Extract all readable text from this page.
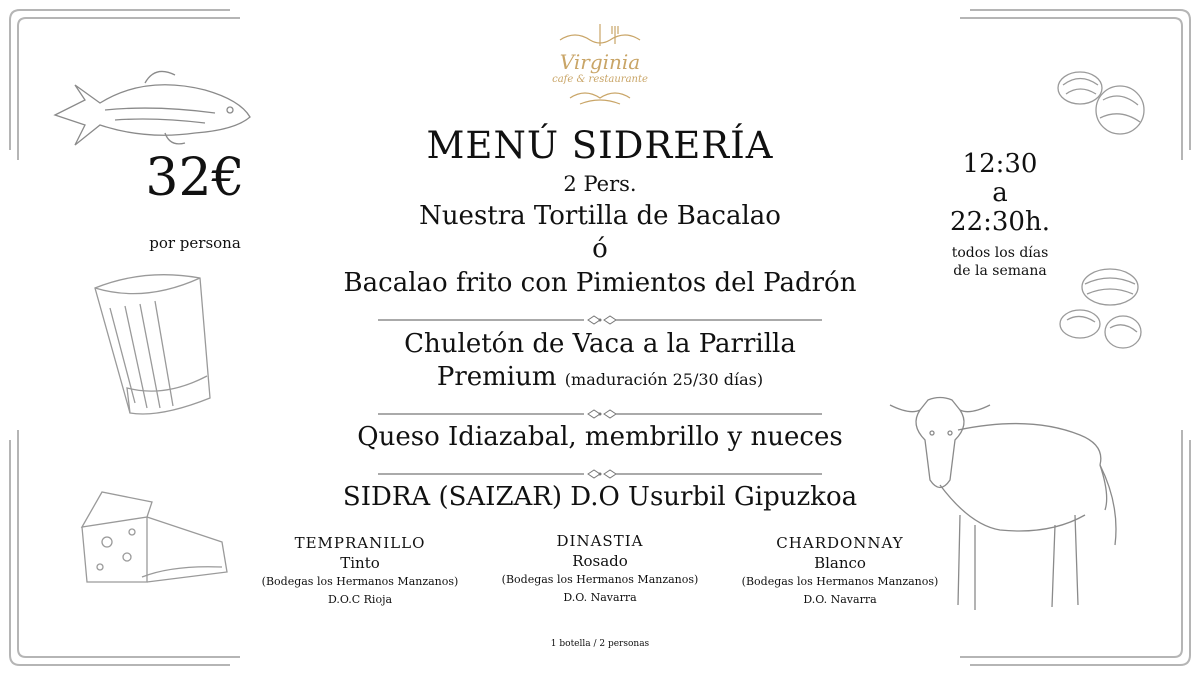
Virginia
cafe & restaurante
32€
por persona
12:30
a
22:30h.
todos los días
de la semana
MENÚ SIDRERÍA
2 Pers.
Nuestra Tortilla de Bacalao
ó
Bacalao frito con Pimientos del Padrón
Chuletón de Vaca a la Parrilla
Premium (maduración 25/30 días)
Queso Idiazabal, membrillo y nueces
SIDRA (SAIZAR) D.O Usurbil Gipuzkoa
TEMPRANILLO
Tinto
(Bodegas los Hermanos Manzanos)
D.O.C Rioja
DINASTIA
Rosado
(Bodegas los Hermanos Manzanos)
D.O. Navarra
CHARDONNAY
Blanco
(Bodegas los Hermanos Manzanos)
D.O. Navarra
1 botella / 2 personas
